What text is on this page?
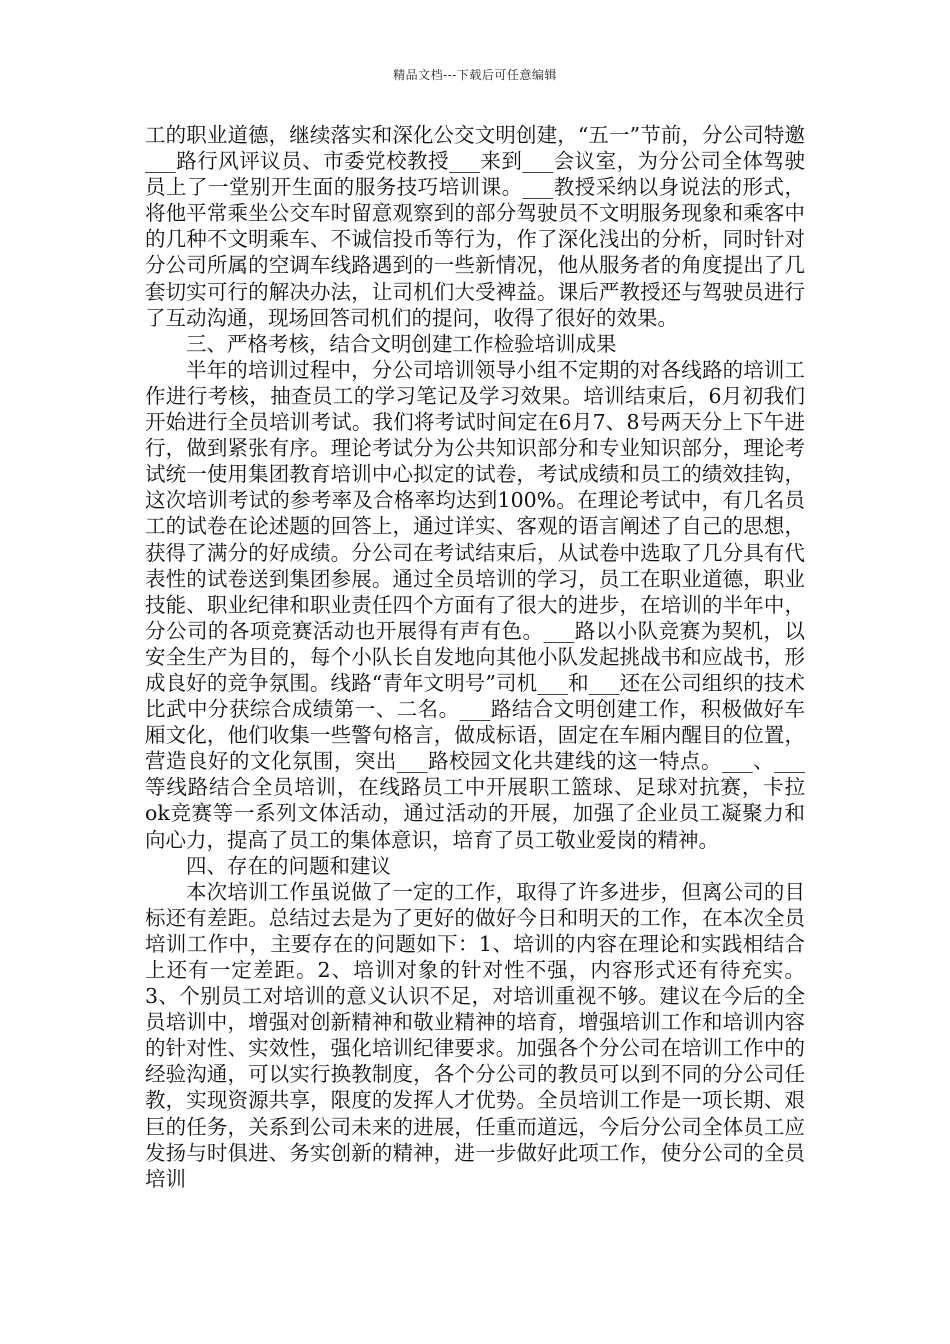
精品文档---下载后可任意编辑

工的职业道德，继续落实和深化公交文明创建，“五一”节前，分公司特邀___路行风评议员、市委党校教授___来到___会议室，为分公司全体驾驶员上了一堂别开生面的服务技巧培训课。___教授采纳以身说法的形式，将他平常乘坐公交车时留意观察到的部分驾驶员不文明服务现象和乘客中的几种不文明乘车、不诚信投币等行为，作了深化浅出的分析，同时针对分公司所属的空调车线路遇到的一些新情况，他从服务者的角度提出了几套切实可行的解决办法，让司机们大受裨益。课后严教授还与驾驶员进行了互动沟通，现场回答司机们的提问，收得了很好的效果。

三、严格考核，结合文明创建工作检验培训成果

半年的培训过程中，分公司培训领导小组不定期的对各线路的培训工作进行考核，抽查员工的学习笔记及学习效果。培训结束后，6月初我们开始进行全员培训考试。我们将考试时间定在6月7、8号两天分上下午进行，做到紧张有序。理论考试分为公共知识部分和专业知识部分，理论考试统一使用集团教育培训中心拟定的试卷，考试成绩和员工的绩效挂钩，这次培训考试的参考率及合格率均达到100%。在理论考试中，有几名员工的试卷在论述题的回答上，通过详实、客观的语言阐述了自己的思想，获得了满分的好成绩。分公司在考试结束后，从试卷中选取了几分具有代表性的试卷送到集团参展。通过全员培训的学习，员工在职业道德，职业技能、职业纪律和职业责任四个方面有了很大的进步，在培训的半年中，分公司的各项竞赛活动也开展得有声有色。___路以小队竞赛为契机，以安全生产为目的，每个小队长自发地向其他小队发起挑战书和应战书，形成良好的竞争氛围。线路“青年文明号”司机___和___还在公司组织的技术比武中分获综合成绩第一、二名。___路结合文明创建工作，积极做好车厢文化，他们收集一些警句格言，做成标语，固定在车厢内醒目的位置，营造良好的文化氛围，突出___路校园文化共建线的这一特点。___、___等线路结合全员培训，在线路员工中开展职工篮球、足球对抗赛，卡拉ok竞赛等一系列文体活动，通过活动的开展，加强了企业员工凝聚力和向心力，提高了员工的集体意识，培育了员工敬业爱岗的精神。

四、存在的问题和建议

本次培训工作虽说做了一定的工作，取得了许多进步，但离公司的目标还有差距。总结过去是为了更好的做好今日和明天的工作，在本次全员培训工作中，主要存在的问题如下：1、培训的内容在理论和实践相结合上还有一定差距。2、培训对象的针对性不强，内容形式还有待充实。3、个别员工对培训的意义认识不足，对培训重视不够。建议在今后的全员培训中，增强对创新精神和敬业精神的培育，增强培训工作和培训内容的针对性、实效性，强化培训纪律要求。加强各个分公司在培训工作中的经验沟通，可以实行换教制度，各个分公司的教员可以到不同的分公司任教，实现资源共享，限度的发挥人才优势。全员培训工作是一项长期、艰巨的任务，关系到公司未来的进展，任重而道远，今后分公司全体员工应发扬与时俱进、务实创新的精神，进一步做好此项工作，使分公司的全员培训
